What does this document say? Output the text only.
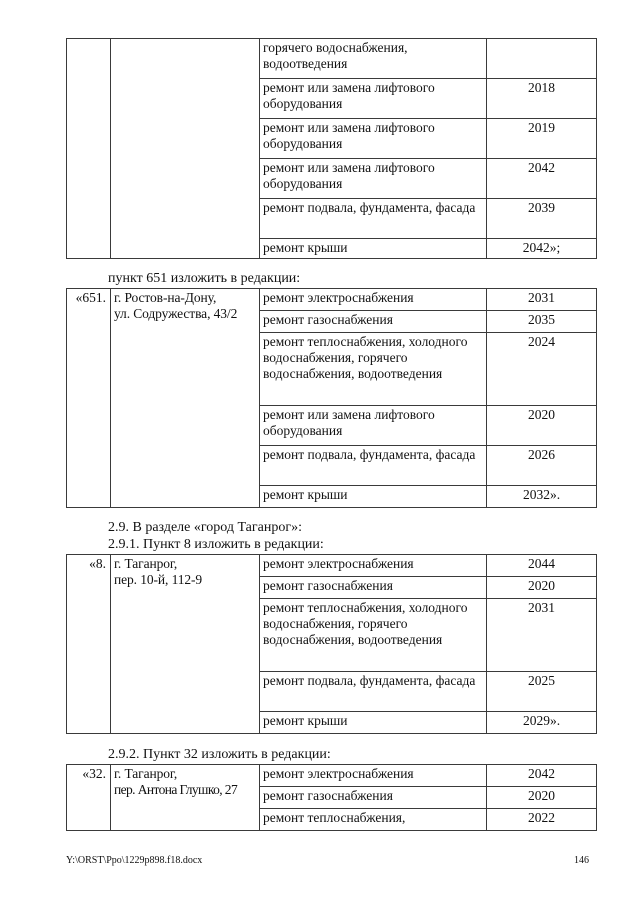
		горячего водоснабжения, водоотведения	
		ремонт или замена лифтового оборудования	2018
		ремонт или замена лифтового оборудования	2019
		ремонт или замена лифтового оборудования	2042
		ремонт подвала, фундамента, фасада	2039
		ремонт крыши	2042»;
пункт 651 изложить в редакции:
«651.	г. Ростов-на-Дону,
ул. Содружества, 43/2	ремонт электроснабжения	2031
		ремонт газоснабжения	2035
		ремонт теплоснабжения, холодного водоснабжения, горячего водоснабжения, водоотведения	2024
		ремонт или замена лифтового оборудования	2020
		ремонт подвала, фундамента, фасада	2026
		ремонт крыши	2032».
2.9. В разделе «город Таганрог»:
2.9.1. Пункт 8 изложить в редакции:
«8.	г. Таганрог,
пер. 10-й, 112-9	ремонт электроснабжения	2044
		ремонт газоснабжения	2020
		ремонт теплоснабжения, холодного водоснабжения, горячего водоснабжения, водоотведения	2031
		ремонт подвала, фундамента, фасада	2025
		ремонт крыши	2029».
2.9.2. Пункт 32 изложить в редакции:
«32.	г. Таганрог,
пер. Антона Глушко, 27	ремонт электроснабжения	2042
		ремонт газоснабжения	2020
		ремонт теплоснабжения,	2022
Y:\ORST\Ppo\1229p898.f18.docx	146
